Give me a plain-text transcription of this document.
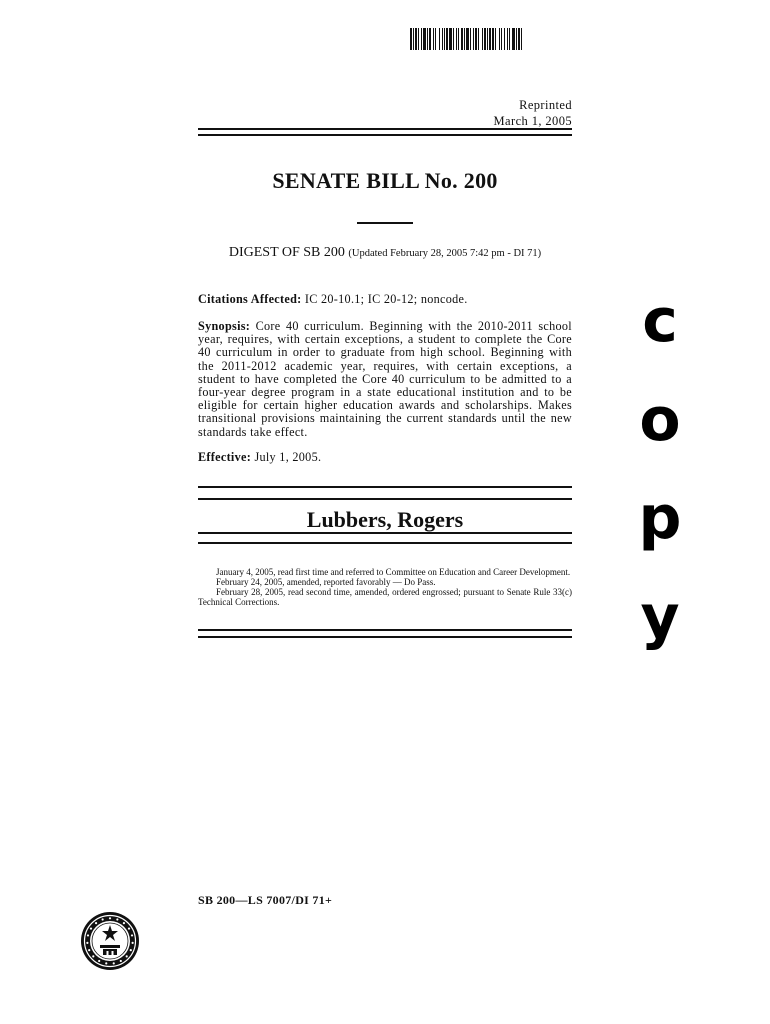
Reprinted
March 1, 2005
SENATE BILL No. 200
DIGEST OF SB 200 (Updated February 28, 2005 7:42 pm - DI 71)
Citations Affected: IC 20-10.1; IC 20-12; noncode.
Synopsis: Core 40 curriculum. Beginning with the 2010-2011 school year, requires, with certain exceptions, a student to complete the Core 40 curriculum in order to graduate from high school. Beginning with the 2011-2012 academic year, requires, with certain exceptions, a student to have completed the Core 40 curriculum to be admitted to a four-year degree program in a state educational institution and to be eligible for certain higher education awards and scholarships. Makes transitional provisions maintaining the current standards until the new standards take effect.
Effective: July 1, 2005.
Lubbers, Rogers

January 4, 2005, read first time and referred to Committee on Education and Career Development.

February 24, 2005, amended, reported favorably — Do Pass.

February 28, 2005, read second time, amended, ordered engrossed; pursuant to Senate Rule 33(c) Technical Corrections.

c
o
p
y
SB 200—LS 7007/DI 71+
